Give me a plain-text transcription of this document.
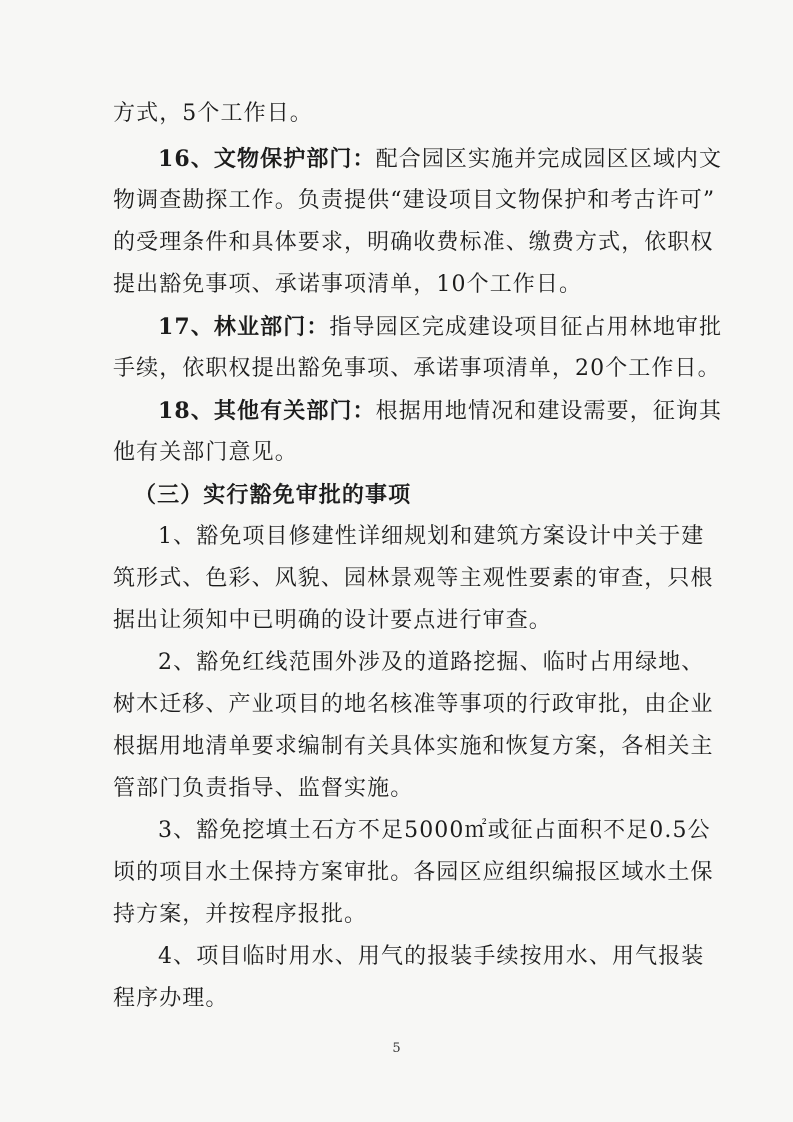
方式，5个工作日。
16、文物保护部门：配合园区实施并完成园区区域内文
物调查勘探工作。负责提供“建设项目文物保护和考古许可”
的受理条件和具体要求，明确收费标准、缴费方式，依职权
提出豁免事项、承诺事项清单，10个工作日。
17、林业部门：指导园区完成建设项目征占用林地审批
手续，依职权提出豁免事项、承诺事项清单，20个工作日。
18、其他有关部门：根据用地情况和建设需要，征询其
他有关部门意见。
（三）实行豁免审批的事项
1、豁免项目修建性详细规划和建筑方案设计中关于建
筑形式、色彩、风貌、园林景观等主观性要素的审查，只根
据出让须知中已明确的设计要点进行审查。
2、豁免红线范围外涉及的道路挖掘、临时占用绿地、
树木迁移、产业项目的地名核准等事项的行政审批，由企业
根据用地清单要求编制有关具体实施和恢复方案，各相关主
管部门负责指导、监督实施。
3、豁免挖填土石方不足5000㎡或征占面积不足0.5公
顷的项目水土保持方案审批。各园区应组织编报区域水土保
持方案，并按程序报批。
4、项目临时用水、用气的报装手续按用水、用气报装
程序办理。
5
